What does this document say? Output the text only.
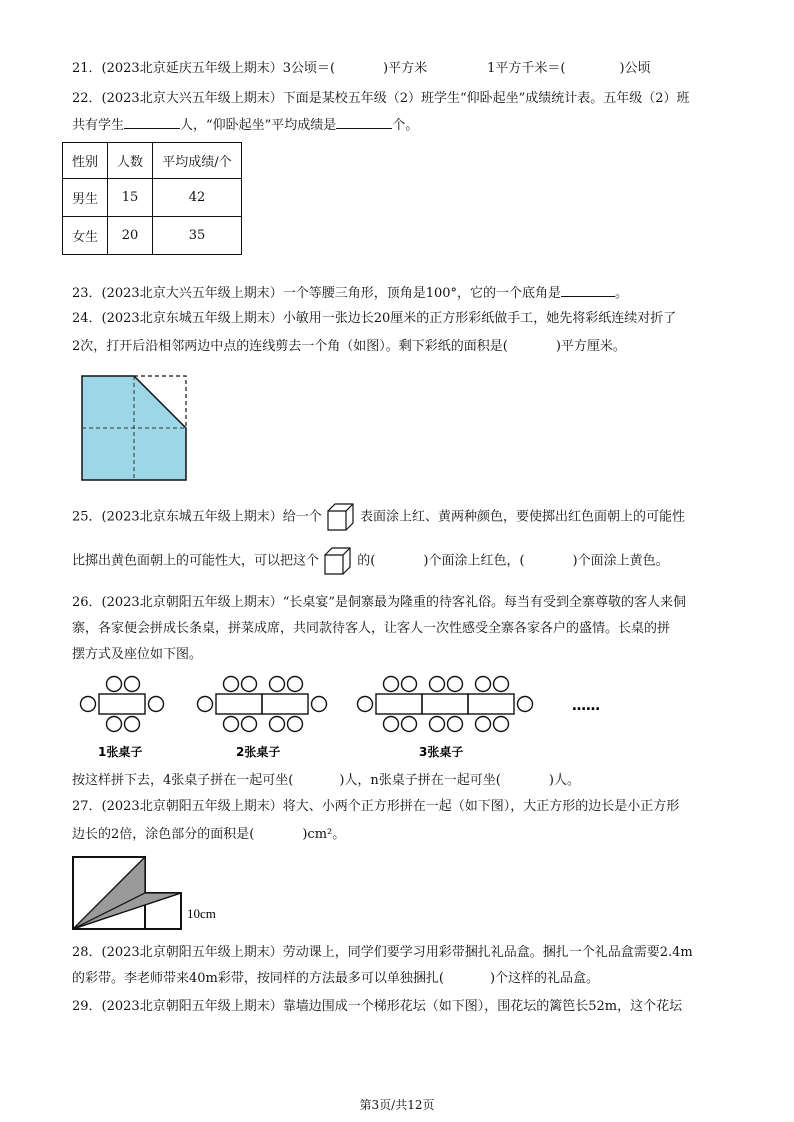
21．(2023北京延庆五年级上期末）3公顷＝(	)平方米	1平方千米＝(	)公顷
22．(2023北京大兴五年级上期末）下面是某校五年级（2）班学生“仰卧起坐”成绩统计表。五年级（2）班
共有学生	人，“仰卧起坐”平均成绩是	个。
性别	人数	平均成绩/个
男生	15	42
女生	20	35
23．(2023北京大兴五年级上期末）一个等腰三角形，顶角是100°，它的一个底角是	。
24．(2023北京东城五年级上期末）小敏用一张边长20厘米的正方形彩纸做手工，她先将彩纸连续对折了
2次，打开后沿相邻两边中点的连线剪去一个角（如图）。剩下彩纸的面积是(	)平方厘米。
25．(2023北京东城五年级上期末）给一个	表面涂上红、黄两种颜色，要使掷出红色面朝上的可能性
比掷出黄色面朝上的可能性大，可以把这个	的(	)个面涂上红色，(	)个面涂上黄色。
26．(2023北京朝阳五年级上期末）“长桌宴”是侗寨最为隆重的待客礼俗。每当有受到全寨尊敬的客人来侗
寨，各家便会拼成长条桌，拼菜成席，共同款待客人，让客人一次性感受全寨各家各户的盛情。长桌的拼
摆方式及座位如下图。
……
1张桌子	2张桌子	3张桌子
按这样拼下去，4张桌子拼在一起可坐(	)人，n张桌子拼在一起可坐(	)人。
27．(2023北京朝阳五年级上期末）将大、小两个正方形拼在一起（如下图），大正方形的边长是小正方形
边长的2倍，涂色部分的面积是(	)cm²。
10cm
28．(2023北京朝阳五年级上期末）劳动课上，同学们要学习用彩带捆扎礼品盒。捆扎一个礼品盒需要2.4m
的彩带。李老师带来40m彩带，按同样的方法最多可以单独捆扎(	)个这样的礼品盒。
29．(2023北京朝阳五年级上期末）靠墙边围成一个梯形花坛（如下图），围花坛的篱笆长52m，这个花坛
第3页/共12页
